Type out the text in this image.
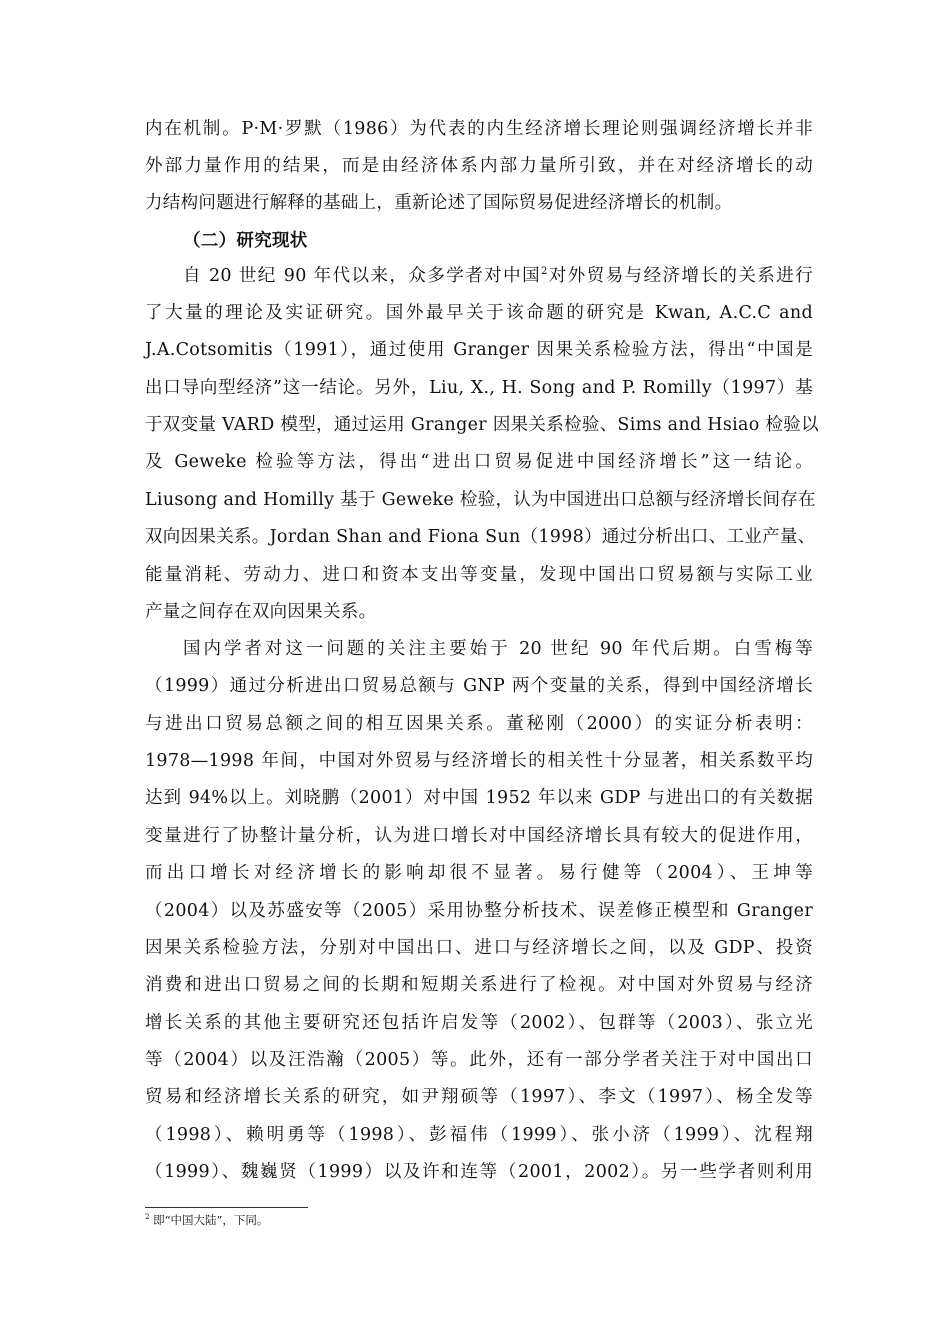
内在机制。P·M·罗默（1986）为代表的内生经济增长理论则强调经济增长并非
外部力量作用的结果，而是由经济体系内部力量所引致，并在对经济增长的动
力结构问题进行解释的基础上，重新论述了国际贸易促进经济增长的机制。
（二）研究现状
自 20 世纪 90 年代以来，众多学者对中国$^2$对外贸易与经济增长的关系进行
了大量的理论及实证研究。国外最早关于该命题的研究是 Kwan, A.C.C and
J.A.Cotsomitis（1991），通过使用 Granger 因果关系检验方法，得出“中国是
出口导向型经济”这一结论。另外，Liu, X., H. Song and P. Romilly（1997）基
于双变量 VARD 模型，通过运用 Granger 因果关系检验、Sims and Hsiao 检验以
及 Geweke 检验等方法，得出“进出口贸易促进中国经济增长”这一结论。
Liusong and Homilly 基于 Geweke 检验，认为中国进出口总额与经济增长间存在
双向因果关系。Jordan Shan and Fiona Sun（1998）通过分析出口、工业产量、
能量消耗、劳动力、进口和资本支出等变量，发现中国出口贸易额与实际工业
产量之间存在双向因果关系。
国内学者对这一问题的关注主要始于 20 世纪 90 年代后期。白雪梅等
（1999）通过分析进出口贸易总额与 GNP 两个变量的关系，得到中国经济增长
与进出口贸易总额之间的相互因果关系。董秘刚（2000）的实证分析表明：
1978—1998 年间，中国对外贸易与经济增长的相关性十分显著，相关系数平均
达到 94%以上。刘晓鹏（2001）对中国 1952 年以来 GDP 与进出口的有关数据
变量进行了协整计量分析，认为进口增长对中国经济增长具有较大的促进作用，
而出口增长对经济增长的影响却很不显著。易行健等（2004）、王坤等
（2004）以及苏盛安等（2005）采用协整分析技术、误差修正模型和 Granger
因果关系检验方法，分别对中国出口、进口与经济增长之间，以及 GDP、投资
消费和进出口贸易之间的长期和短期关系进行了检视。对中国对外贸易与经济
增长关系的其他主要研究还包括许启发等（2002）、包群等（2003）、张立光
等（2004）以及汪浩瀚（2005）等。此外，还有一部分学者关注于对中国出口
贸易和经济增长关系的研究，如尹翔硕等（1997）、李文（1997）、杨全发等
（1998）、赖明勇等（1998）、彭福伟（1999）、张小济（1999）、沈程翔
（1999）、魏巍贤（1999）以及许和连等（2001，2002）。另一些学者则利用
$^2$ 即“中国大陆”，下同。
